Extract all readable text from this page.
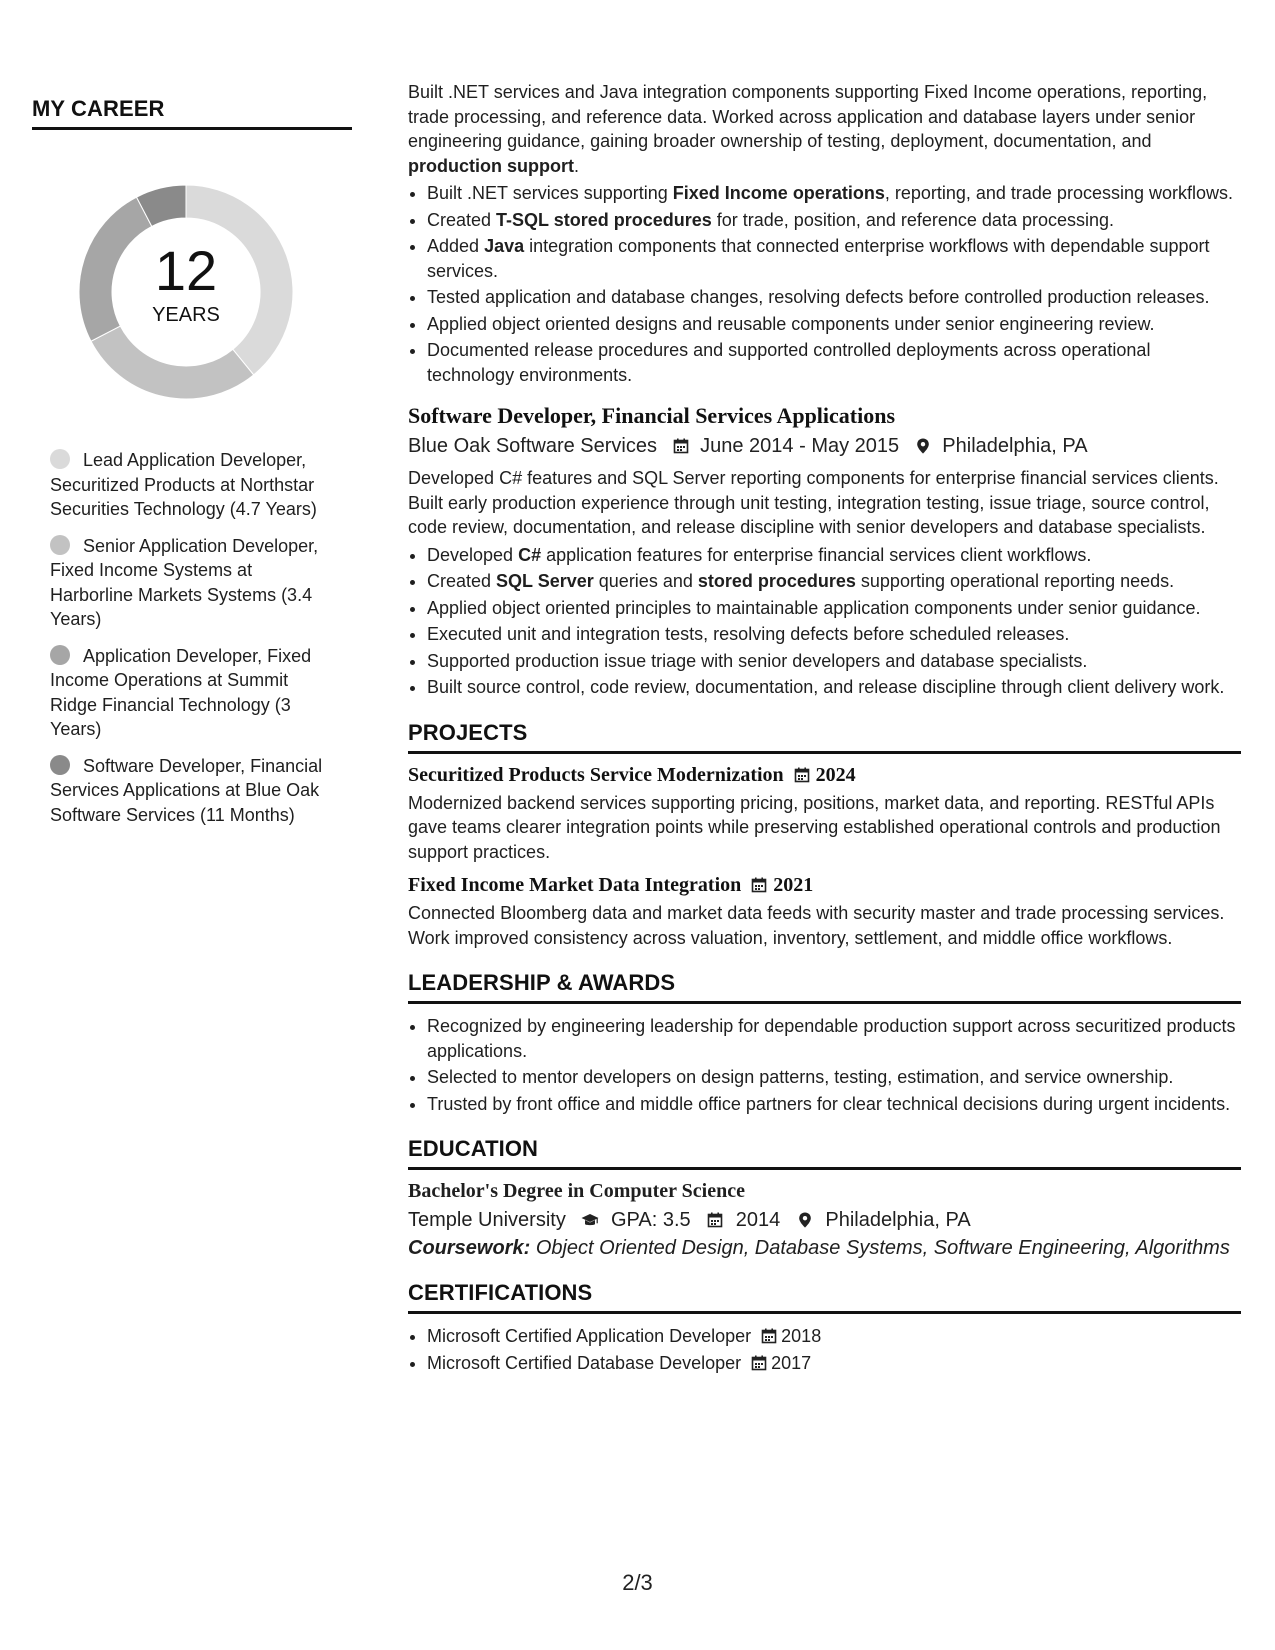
MY CAREER
12
YEARS
Lead Application Developer, Securitized Products at Northstar Securities Technology (4.7 Years)
Senior Application Developer, Fixed Income Systems at Harborline Markets Systems (3.4 Years)
Application Developer, Fixed Income Operations at Summit Ridge Financial Technology (3 Years)
Software Developer, Financial Services Applications at Blue Oak Software Services (11 Months)

Built .NET services and Java integration components supporting Fixed Income operations, reporting, trade processing, and reference data. Worked across application and database layers under senior engineering guidance, gaining broader ownership of testing, deployment, documentation, and production support.

• Built .NET services supporting Fixed Income operations, reporting, and trade processing workflows.
• Created T-SQL stored procedures for trade, position, and reference data processing.
• Added Java integration components that connected enterprise workflows with dependable support services.
• Tested application and database changes, resolving defects before controlled production releases.
• Applied object oriented designs and reusable components under senior engineering review.
• Documented release procedures and supported controlled deployments across operational technology environments.
Software Developer, Financial Services Applications
Blue Oak Software Services June 2014 - May 2015 Philadelphia, PA

Developed C# features and SQL Server reporting components for enterprise financial services clients. Built early production experience through unit testing, integration testing, issue triage, source control, code review, documentation, and release discipline with senior developers and database specialists.

• Developed C# application features for enterprise financial services client workflows.
• Created SQL Server queries and stored procedures supporting operational reporting needs.
• Applied object oriented principles to maintainable application components under senior guidance.
• Executed unit and integration tests, resolving defects before scheduled releases.
• Supported production issue triage with senior developers and database specialists.
• Built source control, code review, documentation, and release discipline through client delivery work.
PROJECTS
Securitized Products Service Modernization 2024

Modernized backend services supporting pricing, positions, market data, and reporting. RESTful APIs gave teams clearer integration points while preserving established operational controls and production support practices.

Fixed Income Market Data Integration 2021

Connected Bloomberg data and market data feeds with security master and trade processing services. Work improved consistency across valuation, inventory, settlement, and middle office workflows.

LEADERSHIP & AWARDS
• Recognized by engineering leadership for dependable production support across securitized products applications.
• Selected to mentor developers on design patterns, testing, estimation, and service ownership.
• Trusted by front office and middle office partners for clear technical decisions during urgent incidents.
EDUCATION
Bachelor's Degree in Computer Science
Temple University GPA: 3.5 2014 Philadelphia, PA
Coursework: Object Oriented Design, Database Systems, Software Engineering, Algorithms
CERTIFICATIONS
• Microsoft Certified Application Developer 2018
• Microsoft Certified Database Developer 2017
2/3
